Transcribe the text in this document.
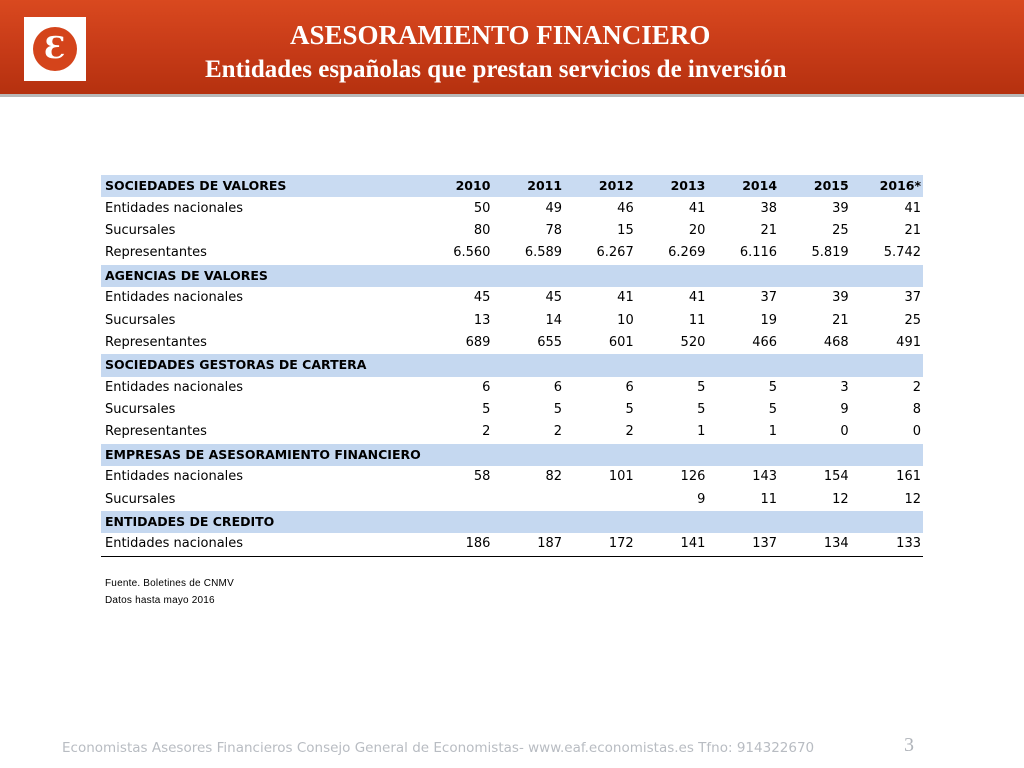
Ɛ	ASESORAMIENTO FINANCIERO
Entidades españolas que prestan servicios de inversión
SOCIEDADES DE VALORES	2010	2011	2012	2013	2014	2015	2016*
Entidades nacionales	50	49	46	41	38	39	41
Sucursales	80	78	15	20	21	25	21
Representantes	6.560	6.589	6.267	6.269	6.116	5.819	5.742
AGENCIAS DE VALORES							
Entidades nacionales	45	45	41	41	37	39	37
Sucursales	13	14	10	11	19	21	25
Representantes	689	655	601	520	466	468	491
SOCIEDADES GESTORAS DE CARTERA							
Entidades nacionales	6	6	6	5	5	3	2
Sucursales	5	5	5	5	5	9	8
Representantes	2	2	2	1	1	0	0
EMPRESAS DE ASESORAMIENTO FINANCIERO							
Entidades nacionales	58	82	101	126	143	154	161
Sucursales				9	11	12	12
ENTIDADES DE CREDITO							
Entidades nacionales	186	187	172	141	137	134	133
Fuente. Boletines de CNMV
Datos hasta mayo 2016
Economistas Asesores Financieros Consejo General de Economistas- www.eaf.economistas.es Tfno: 914322670	3
